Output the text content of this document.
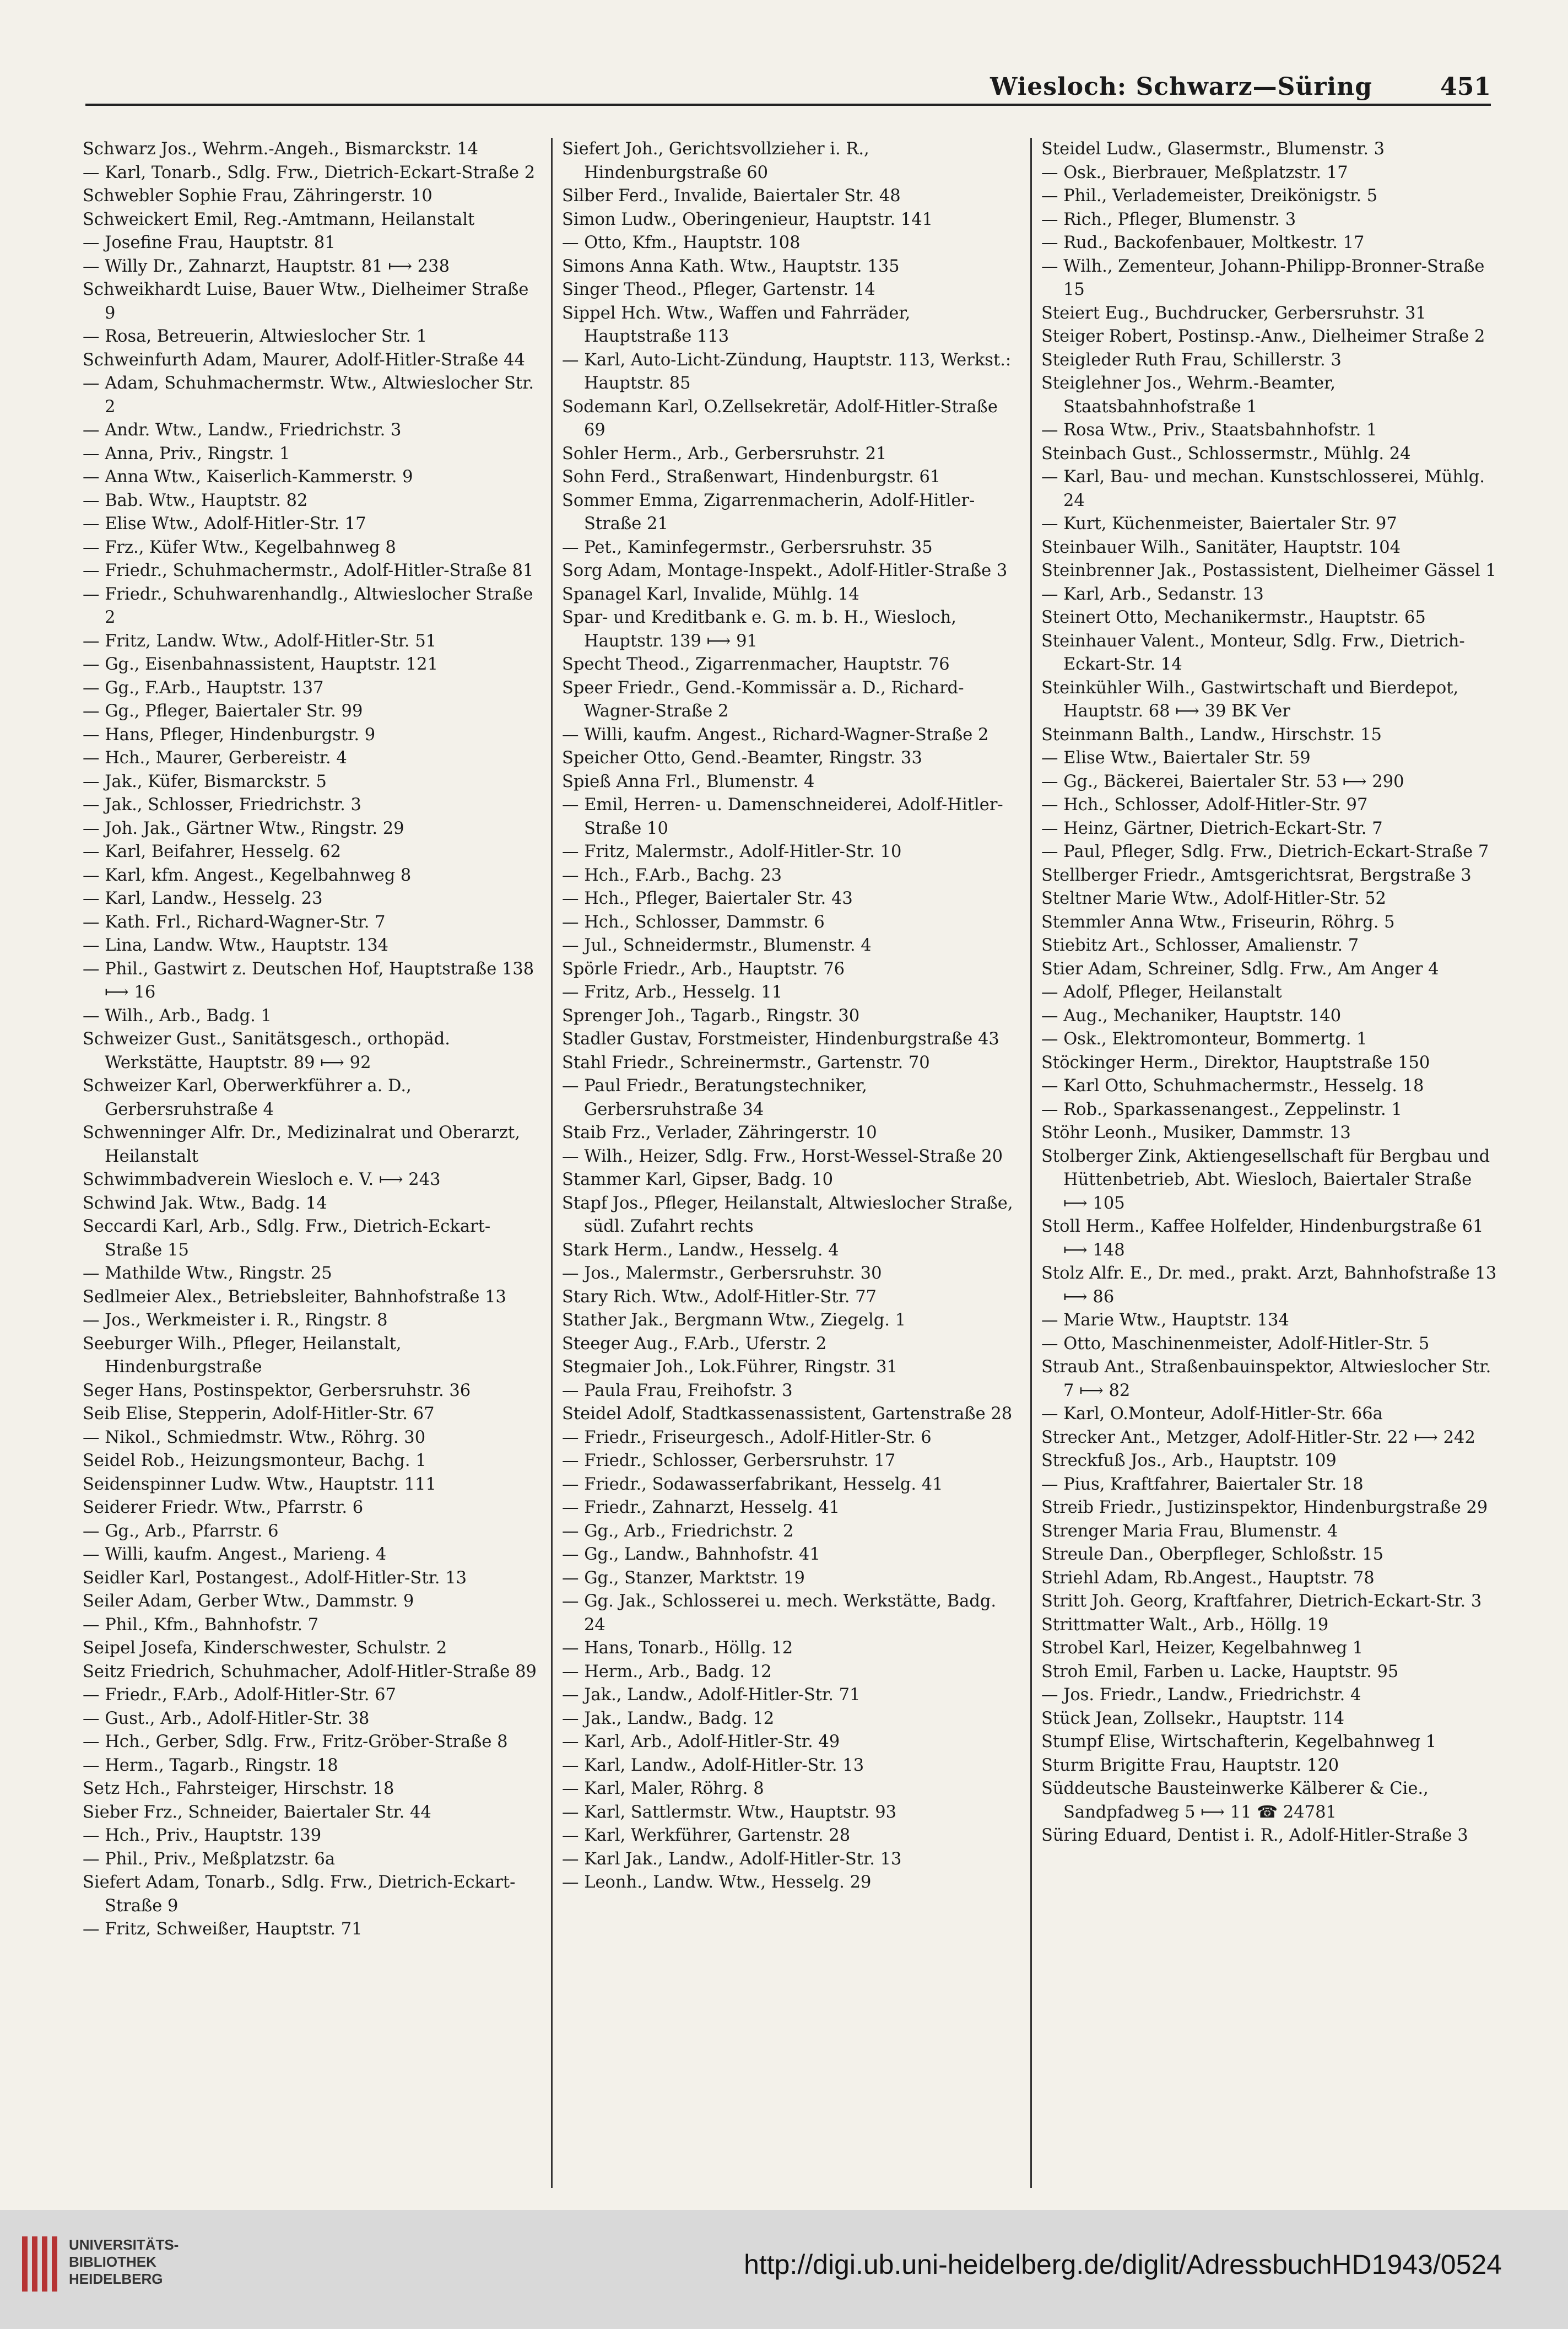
Wiesloch: Schwarz—Süring	451
Schwarz Jos., Wehrm.-Angeh., Bismarckstr. 14
— Karl, Tonarb., Sdlg. Frw., Dietrich-Eckart-Straße 2
Schwebler Sophie Frau, Zähringerstr. 10
Schweickert Emil, Reg.-Amtmann, Heilanstalt
— Josefine Frau, Hauptstr. 81
— Willy Dr., Zahnarzt, Hauptstr. 81 ⟼ 238
Schweikhardt Luise, Bauer Wtw., Dielheimer Straße 9
— Rosa, Betreuerin, Altwieslocher Str. 1
Schweinfurth Adam, Maurer, Adolf-Hitler-Straße 44
— Adam, Schuhmachermstr. Wtw., Altwieslocher Str. 2
— Andr. Wtw., Landw., Friedrichstr. 3
— Anna, Priv., Ringstr. 1
— Anna Wtw., Kaiserlich-Kammerstr. 9
— Bab. Wtw., Hauptstr. 82
— Elise Wtw., Adolf-Hitler-Str. 17
— Frz., Küfer Wtw., Kegelbahnweg 8
— Friedr., Schuhmachermstr., Adolf-Hitler-Straße 81
— Friedr., Schuhwarenhandlg., Altwieslocher Straße 2
— Fritz, Landw. Wtw., Adolf-Hitler-Str. 51
— Gg., Eisenbahnassistent, Hauptstr. 121
— Gg., F.Arb., Hauptstr. 137
— Gg., Pfleger, Baiertaler Str. 99
— Hans, Pfleger, Hindenburgstr. 9
— Hch., Maurer, Gerbereistr. 4
— Jak., Küfer, Bismarckstr. 5
— Jak., Schlosser, Friedrichstr. 3
— Joh. Jak., Gärtner Wtw., Ringstr. 29
— Karl, Beifahrer, Hesselg. 62
— Karl, kfm. Angest., Kegelbahnweg 8
— Karl, Landw., Hesselg. 23
— Kath. Frl., Richard-Wagner-Str. 7
— Lina, Landw. Wtw., Hauptstr. 134
— Phil., Gastwirt z. Deutschen Hof, Hauptstraße 138 ⟼ 16
— Wilh., Arb., Badg. 1
Schweizer Gust., Sanitätsgesch., orthopäd. Werkstätte, Hauptstr. 89 ⟼ 92
Schweizer Karl, Oberwerkführer a. D., Gerbersruhstraße 4
Schwenninger Alfr. Dr., Medizinalrat und Oberarzt, Heilanstalt
Schwimmbadverein Wiesloch e. V. ⟼ 243
Schwind Jak. Wtw., Badg. 14
Seccardi Karl, Arb., Sdlg. Frw., Dietrich-Eckart-Straße 15
— Mathilde Wtw., Ringstr. 25
Sedlmeier Alex., Betriebsleiter, Bahnhofstraße 13
— Jos., Werkmeister i. R., Ringstr. 8
Seeburger Wilh., Pfleger, Heilanstalt, Hindenburgstraße
Seger Hans, Postinspektor, Gerbersruhstr. 36
Seib Elise, Stepperin, Adolf-Hitler-Str. 67
— Nikol., Schmiedmstr. Wtw., Röhrg. 30
Seidel Rob., Heizungsmonteur, Bachg. 1
Seidenspinner Ludw. Wtw., Hauptstr. 111
Seiderer Friedr. Wtw., Pfarrstr. 6
— Gg., Arb., Pfarrstr. 6
— Willi, kaufm. Angest., Marieng. 4
Seidler Karl, Postangest., Adolf-Hitler-Str. 13
Seiler Adam, Gerber Wtw., Dammstr. 9
— Phil., Kfm., Bahnhofstr. 7
Seipel Josefa, Kinderschwester, Schulstr. 2
Seitz Friedrich, Schuhmacher, Adolf-Hitler-Straße 89
— Friedr., F.Arb., Adolf-Hitler-Str. 67
— Gust., Arb., Adolf-Hitler-Str. 38
— Hch., Gerber, Sdlg. Frw., Fritz-Gröber-Straße 8
— Herm., Tagarb., Ringstr. 18
Setz Hch., Fahrsteiger, Hirschstr. 18
Sieber Frz., Schneider, Baiertaler Str. 44
— Hch., Priv., Hauptstr. 139
— Phil., Priv., Meßplatzstr. 6a
Siefert Adam, Tonarb., Sdlg. Frw., Dietrich-Eckart-Straße 9
— Fritz, Schweißer, Hauptstr. 71
Siefert Joh., Gerichtsvollzieher i. R., Hindenburgstraße 60
Silber Ferd., Invalide, Baiertaler Str. 48
Simon Ludw., Oberingenieur, Hauptstr. 141
— Otto, Kfm., Hauptstr. 108
Simons Anna Kath. Wtw., Hauptstr. 135
Singer Theod., Pfleger, Gartenstr. 14
Sippel Hch. Wtw., Waffen und Fahrräder, Hauptstraße 113
— Karl, Auto-Licht-Zündung, Hauptstr. 113, Werkst.: Hauptstr. 85
Sodemann Karl, O.Zellsekretär, Adolf-Hitler-Straße 69
Sohler Herm., Arb., Gerbersruhstr. 21
Sohn Ferd., Straßenwart, Hindenburgstr. 61
Sommer Emma, Zigarrenmacherin, Adolf-Hitler-Straße 21
— Pet., Kaminfegermstr., Gerbersruhstr. 35
Sorg Adam, Montage-Inspekt., Adolf-Hitler-Straße 3
Spanagel Karl, Invalide, Mühlg. 14
Spar- und Kreditbank e. G. m. b. H., Wiesloch, Hauptstr. 139 ⟼ 91
Specht Theod., Zigarrenmacher, Hauptstr. 76
Speer Friedr., Gend.-Kommissär a. D., Richard-Wagner-Straße 2
— Willi, kaufm. Angest., Richard-Wagner-Straße 2
Speicher Otto, Gend.-Beamter, Ringstr. 33
Spieß Anna Frl., Blumenstr. 4
— Emil, Herren- u. Damenschneiderei, Adolf-Hitler-Straße 10
— Fritz, Malermstr., Adolf-Hitler-Str. 10
— Hch., F.Arb., Bachg. 23
— Hch., Pfleger, Baiertaler Str. 43
— Hch., Schlosser, Dammstr. 6
— Jul., Schneidermstr., Blumenstr. 4
Spörle Friedr., Arb., Hauptstr. 76
— Fritz, Arb., Hesselg. 11
Sprenger Joh., Tagarb., Ringstr. 30
Stadler Gustav, Forstmeister, Hindenburgstraße 43
Stahl Friedr., Schreinermstr., Gartenstr. 70
— Paul Friedr., Beratungstechniker, Gerbersruhstraße 34
Staib Frz., Verlader, Zähringerstr. 10
— Wilh., Heizer, Sdlg. Frw., Horst-Wessel-Straße 20
Stammer Karl, Gipser, Badg. 10
Stapf Jos., Pfleger, Heilanstalt, Altwieslocher Straße, südl. Zufahrt rechts
Stark Herm., Landw., Hesselg. 4
— Jos., Malermstr., Gerbersruhstr. 30
Stary Rich. Wtw., Adolf-Hitler-Str. 77
Stather Jak., Bergmann Wtw., Ziegelg. 1
Steeger Aug., F.Arb., Uferstr. 2
Stegmaier Joh., Lok.Führer, Ringstr. 31
— Paula Frau, Freihofstr. 3
Steidel Adolf, Stadtkassenassistent, Gartenstraße 28
— Friedr., Friseurgesch., Adolf-Hitler-Str. 6
— Friedr., Schlosser, Gerbersruhstr. 17
— Friedr., Sodawasserfabrikant, Hesselg. 41
— Friedr., Zahnarzt, Hesselg. 41
— Gg., Arb., Friedrichstr. 2
— Gg., Landw., Bahnhofstr. 41
— Gg., Stanzer, Marktstr. 19
— Gg. Jak., Schlosserei u. mech. Werkstätte, Badg. 24
— Hans, Tonarb., Höllg. 12
— Herm., Arb., Badg. 12
— Jak., Landw., Adolf-Hitler-Str. 71
— Jak., Landw., Badg. 12
— Karl, Arb., Adolf-Hitler-Str. 49
— Karl, Landw., Adolf-Hitler-Str. 13
— Karl, Maler, Röhrg. 8
— Karl, Sattlermstr. Wtw., Hauptstr. 93
— Karl, Werkführer, Gartenstr. 28
— Karl Jak., Landw., Adolf-Hitler-Str. 13
— Leonh., Landw. Wtw., Hesselg. 29
Steidel Ludw., Glasermstr., Blumenstr. 3
— Osk., Bierbrauer, Meßplatzstr. 17
— Phil., Verlademeister, Dreikönigstr. 5
— Rich., Pfleger, Blumenstr. 3
— Rud., Backofenbauer, Moltkestr. 17
— Wilh., Zementeur, Johann-Philipp-Bronner-Straße 15
Steiert Eug., Buchdrucker, Gerbersruhstr. 31
Steiger Robert, Postinsp.-Anw., Dielheimer Straße 2
Steigleder Ruth Frau, Schillerstr. 3
Steiglehner Jos., Wehrm.-Beamter, Staatsbahnhofstraße 1
— Rosa Wtw., Priv., Staatsbahnhofstr. 1
Steinbach Gust., Schlossermstr., Mühlg. 24
— Karl, Bau- und mechan. Kunstschlosserei, Mühlg. 24
— Kurt, Küchenmeister, Baiertaler Str. 97
Steinbauer Wilh., Sanitäter, Hauptstr. 104
Steinbrenner Jak., Postassistent, Dielheimer Gässel 1
— Karl, Arb., Sedanstr. 13
Steinert Otto, Mechanikermstr., Hauptstr. 65
Steinhauer Valent., Monteur, Sdlg. Frw., Dietrich-Eckart-Str. 14
Steinkühler Wilh., Gastwirtschaft und Bierdepot, Hauptstr. 68 ⟼ 39 BK Ver
Steinmann Balth., Landw., Hirschstr. 15
— Elise Wtw., Baiertaler Str. 59
— Gg., Bäckerei, Baiertaler Str. 53 ⟼ 290
— Hch., Schlosser, Adolf-Hitler-Str. 97
— Heinz, Gärtner, Dietrich-Eckart-Str. 7
— Paul, Pfleger, Sdlg. Frw., Dietrich-Eckart-Straße 7
Stellberger Friedr., Amtsgerichtsrat, Bergstraße 3
Steltner Marie Wtw., Adolf-Hitler-Str. 52
Stemmler Anna Wtw., Friseurin, Röhrg. 5
Stiebitz Art., Schlosser, Amalienstr. 7
Stier Adam, Schreiner, Sdlg. Frw., Am Anger 4
— Adolf, Pfleger, Heilanstalt
— Aug., Mechaniker, Hauptstr. 140
— Osk., Elektromonteur, Bommertg. 1
Stöckinger Herm., Direktor, Hauptstraße 150
— Karl Otto, Schuhmachermstr., Hesselg. 18
— Rob., Sparkassenangest., Zeppelinstr. 1
Stöhr Leonh., Musiker, Dammstr. 13
Stolberger Zink, Aktiengesellschaft für Bergbau und Hüttenbetrieb, Abt. Wiesloch, Baiertaler Straße ⟼ 105
Stoll Herm., Kaffee Holfelder, Hindenburgstraße 61 ⟼ 148
Stolz Alfr. E., Dr. med., prakt. Arzt, Bahnhofstraße 13 ⟼ 86
— Marie Wtw., Hauptstr. 134
— Otto, Maschinenmeister, Adolf-Hitler-Str. 5
Straub Ant., Straßenbauinspektor, Altwieslocher Str. 7 ⟼ 82
— Karl, O.Monteur, Adolf-Hitler-Str. 66a
Strecker Ant., Metzger, Adolf-Hitler-Str. 22 ⟼ 242
Streckfuß Jos., Arb., Hauptstr. 109
— Pius, Kraftfahrer, Baiertaler Str. 18
Streib Friedr., Justizinspektor, Hindenburgstraße 29
Strenger Maria Frau, Blumenstr. 4
Streule Dan., Oberpfleger, Schloßstr. 15
Striehl Adam, Rb.Angest., Hauptstr. 78
Stritt Joh. Georg, Kraftfahrer, Dietrich-Eckart-Str. 3
Strittmatter Walt., Arb., Höllg. 19
Strobel Karl, Heizer, Kegelbahnweg 1
Stroh Emil, Farben u. Lacke, Hauptstr. 95
— Jos. Friedr., Landw., Friedrichstr. 4
Stück Jean, Zollsekr., Hauptstr. 114
Stumpf Elise, Wirtschafterin, Kegelbahnweg 1
Sturm Brigitte Frau, Hauptstr. 120
Süddeutsche Bausteinwerke Kälberer & Cie., Sandpfadweg 5 ⟼ 11 ☎ 24781
Süring Eduard, Dentist i. R., Adolf-Hitler-Straße 3
UNIVERSITÄTS-
BIBLIOTHEK
HEIDELBERG	http://digi.ub.uni-heidelberg.de/diglit/AdressbuchHD1943/0524
